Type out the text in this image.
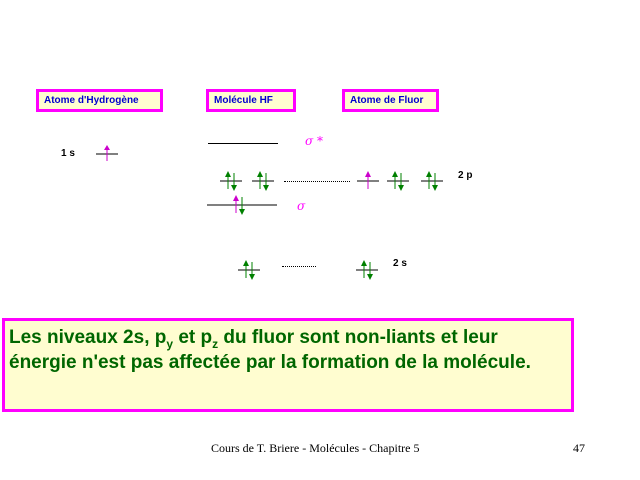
Atome d'Hydrogène	Molécule HF	Atome de Fluor
1 s
σ *
σ
2 p
2 s
Les niveaux 2s, $p_y$ et $p_z$ du fluor sont non-liants et leur énergie n'est pas affectée par la formation de la molécule.
Cours de T. Briere - Molécules - Chapitre 5	47
